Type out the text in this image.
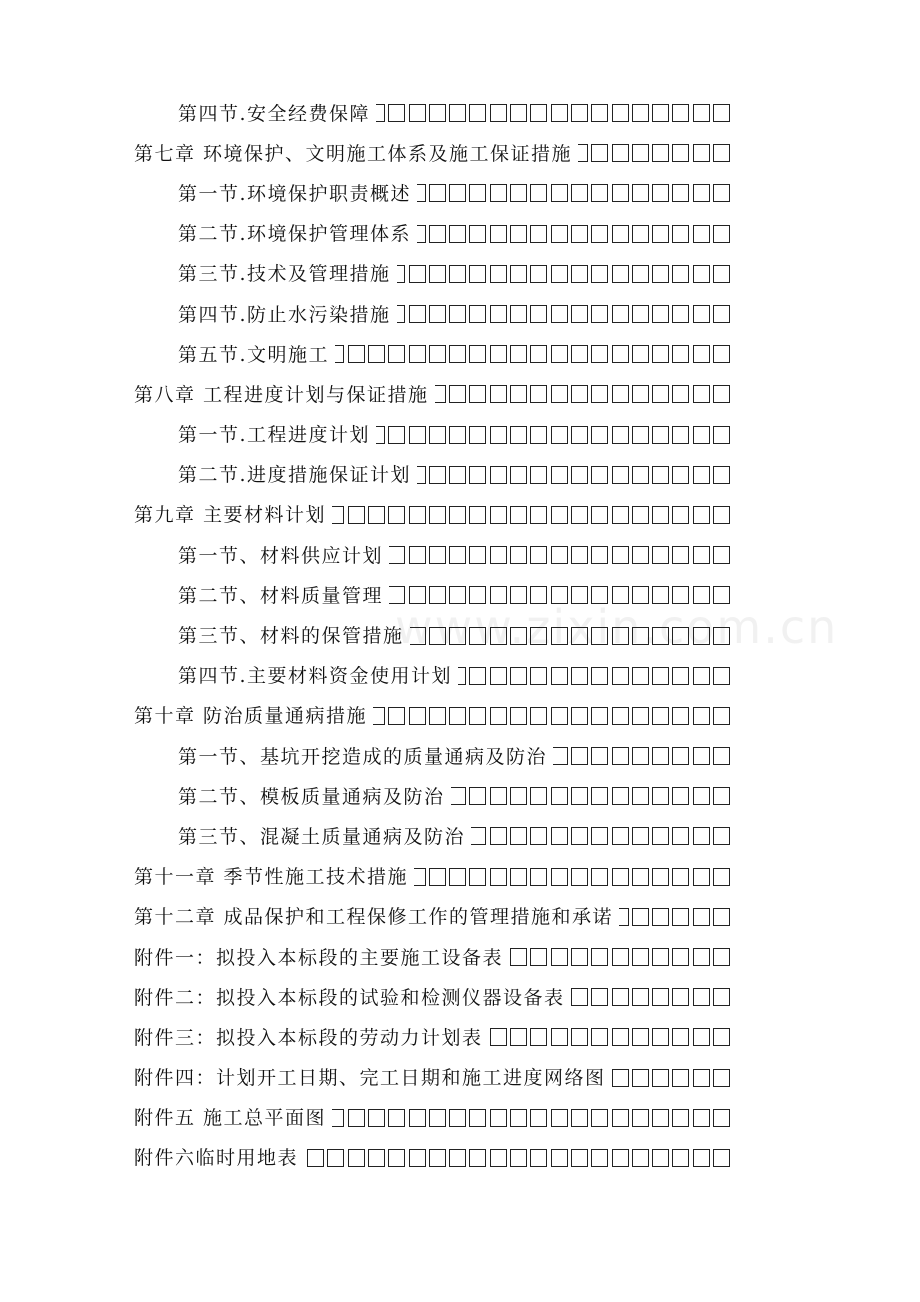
www.zixin.com.cn
第四节.安全经费保障
第七章 环境保护、文明施工体系及施工保证措施
第一节.环境保护职责概述
第二节.环境保护管理体系
第三节.技术及管理措施
第四节.防止水污染措施
第五节.文明施工
第八章 工程进度计划与保证措施
第一节.工程进度计划
第二节.进度措施保证计划
第九章 主要材料计划
第一节、材料供应计划
第二节、材料质量管理
第三节、材料的保管措施
第四节.主要材料资金使用计划
第十章 防治质量通病措施
第一节、基坑开挖造成的质量通病及防治
第二节、模板质量通病及防治
第三节、混凝土质量通病及防治
第十一章 季节性施工技术措施
第十二章 成品保护和工程保修工作的管理措施和承诺
附件一：拟投入本标段的主要施工设备表
附件二：拟投入本标段的试验和检测仪器设备表
附件三：拟投入本标段的劳动力计划表
附件四：计划开工日期、完工日期和施工进度网络图
附件五 施工总平面图
附件六临时用地表
